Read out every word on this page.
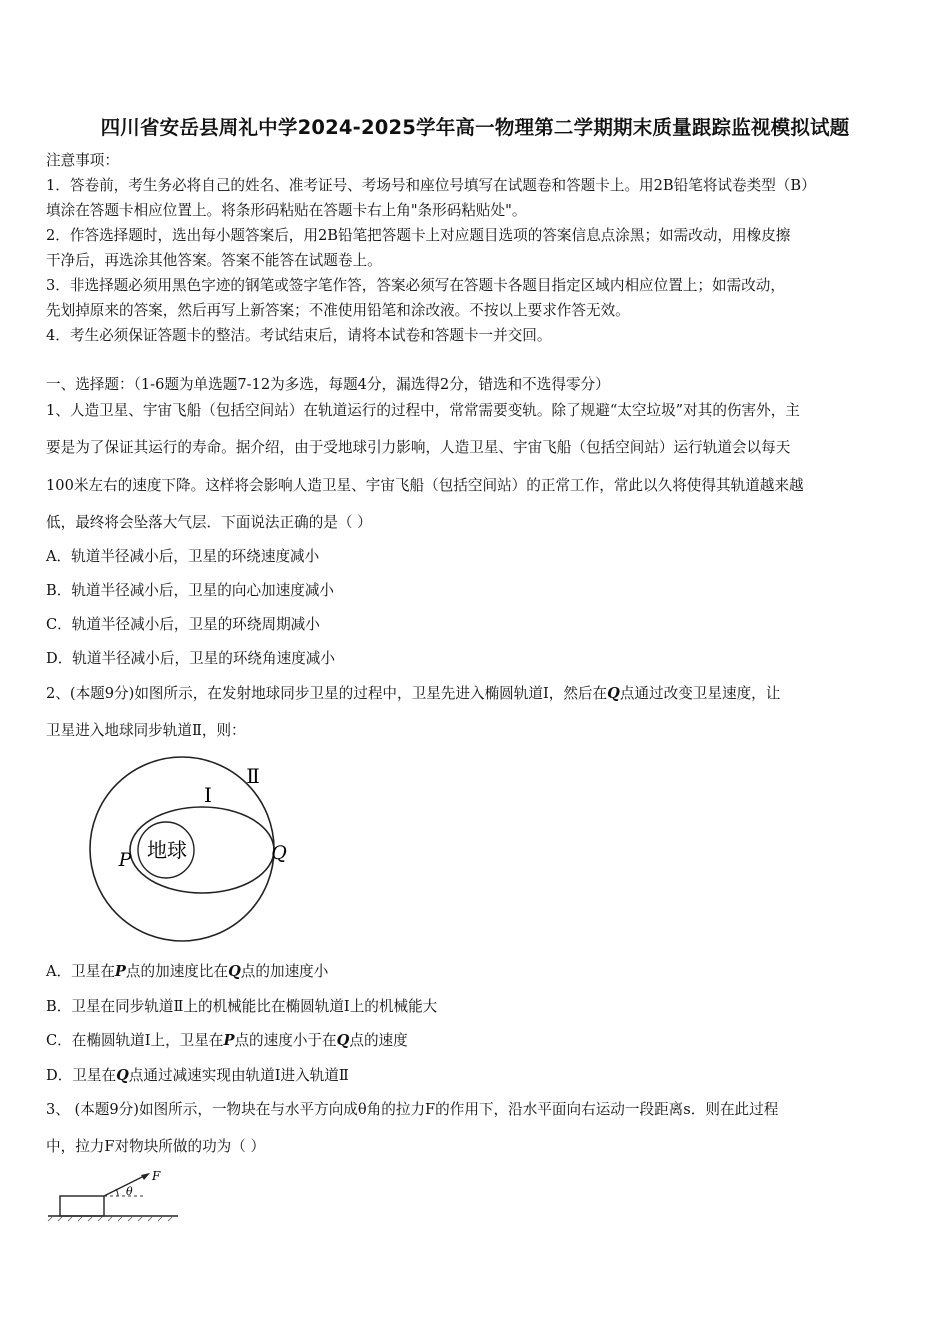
四川省安岳县周礼中学2024-2025学年高一物理第二学期期末质量跟踪监视模拟试题
注意事项：
1．答卷前，考生务必将自己的姓名、准考证号、考场号和座位号填写在试题卷和答题卡上。用2B铅笔将试卷类型（B）
填涂在答题卡相应位置上。将条形码粘贴在答题卡右上角"条形码粘贴处"。
2．作答选择题时，选出每小题答案后，用2B铅笔把答题卡上对应题目选项的答案信息点涂黑；如需改动，用橡皮擦
干净后，再选涂其他答案。答案不能答在试题卷上。
3．非选择题必须用黑色字迹的钢笔或签字笔作答，答案必须写在答题卡各题目指定区域内相应位置上；如需改动，
先划掉原来的答案，然后再写上新答案；不准使用铅笔和涂改液。不按以上要求作答无效。
4．考生必须保证答题卡的整洁。考试结束后，请将本试卷和答题卡一并交回。
一、选择题：（1-6题为单选题7-12为多选，每题4分，漏选得2分，错选和不选得零分）
1、人造卫星、宇宙飞船（包括空间站）在轨道运行的过程中，常常需要变轨。除了规避“太空垃圾”对其的伤害外，主
要是为了保证其运行的寿命。据介绍，由于受地球引力影响，人造卫星、宇宙飞船（包括空间站）运行轨道会以每天
100米左右的速度下降。这样将会影响人造卫星、宇宙飞船（包括空间站）的正常工作，常此以久将使得其轨道越来越
低，最终将会坠落大气层．下面说法正确的是（ ）
A．轨道半径减小后，卫星的环绕速度减小
B．轨道半径减小后，卫星的向心加速度减小
C．轨道半径减小后，卫星的环绕周期减小
D．轨道半径减小后，卫星的环绕角速度减小
2、(本题9分)如图所示，在发射地球同步卫星的过程中，卫星先进入椭圆轨道Ⅰ，然后在Q点通过改变卫星速度，让
卫星进入地球同步轨道Ⅱ，则：
地球
Ⅰ
Ⅱ
P	Q
A．卫星在P点的加速度比在Q点的加速度小
B．卫星在同步轨道Ⅱ上的机械能比在椭圆轨道Ⅰ上的机械能大
C．在椭圆轨道Ⅰ上，卫星在P点的速度小于在Q点的速度
D．卫星在Q点通过减速实现由轨道Ⅰ进入轨道Ⅱ
3、 (本题9分)如图所示，一物块在与水平方向成θ角的拉力F的作用下，沿水平面向右运动一段距离s．则在此过程
中，拉力F对物块所做的功为（ ）
θ
F
